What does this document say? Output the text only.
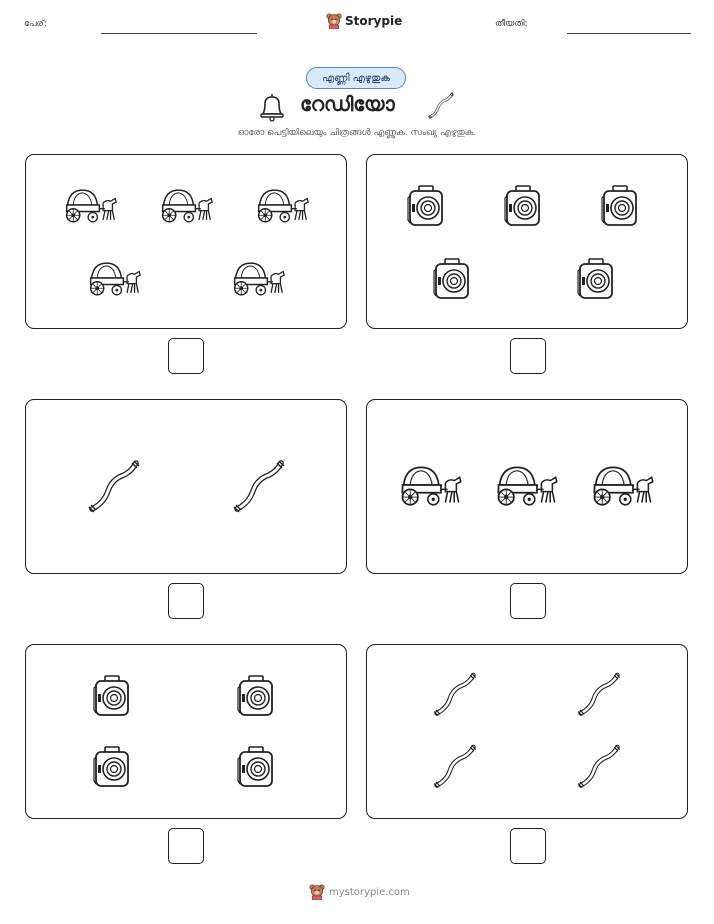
പേര്:	Storypie	തീയതി:
എണ്ണി എഴുതുക
റേഡിയോ
ഓരോ പെട്ടിയിലെയും ചിത്രങ്ങൾ എണ്ണുക. സംഖ്യ എഴുതുക.
mystorypie.com
